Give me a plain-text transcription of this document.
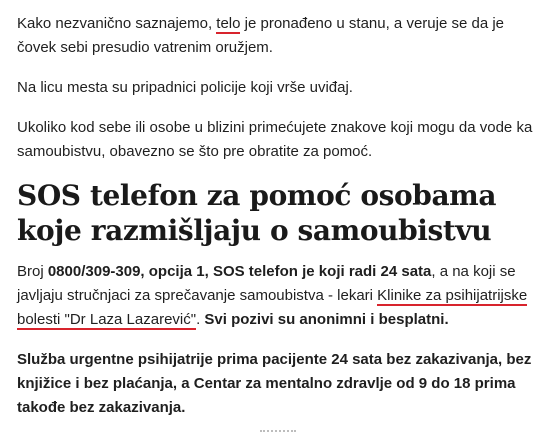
Kako nezvanično saznajemo, telo je pronađeno u stanu, a veruje se da je čovek sebi presudio vatrenim oružjem.

Na licu mesta su pripadnici policije koji vrše uviđaj.

Ukoliko kod sebe ili osobe u blizini primećujete znakove koji mogu da vode ka samoubistvu, obavezno se što pre obratite za pomoć.

SOS telefon za pomoć osobama koje razmišljaju o samoubistvu

Broj 0800/309-309, opcija 1, SOS telefon je koji radi 24 sata, a na koji se javljaju stručnjaci za sprečavanje samoubistva - lekari Klinike za psihijatrijske bolesti "Dr Laza Lazarević". Svi pozivi su anonimni i besplatni.

Služba urgentne psihijatrije prima pacijente 24 sata bez zakazivanja, bez knjižice i bez plaćanja, a Centar za mentalno zdravlje od 9 do 18 prima takođe bez zakazivanja.
